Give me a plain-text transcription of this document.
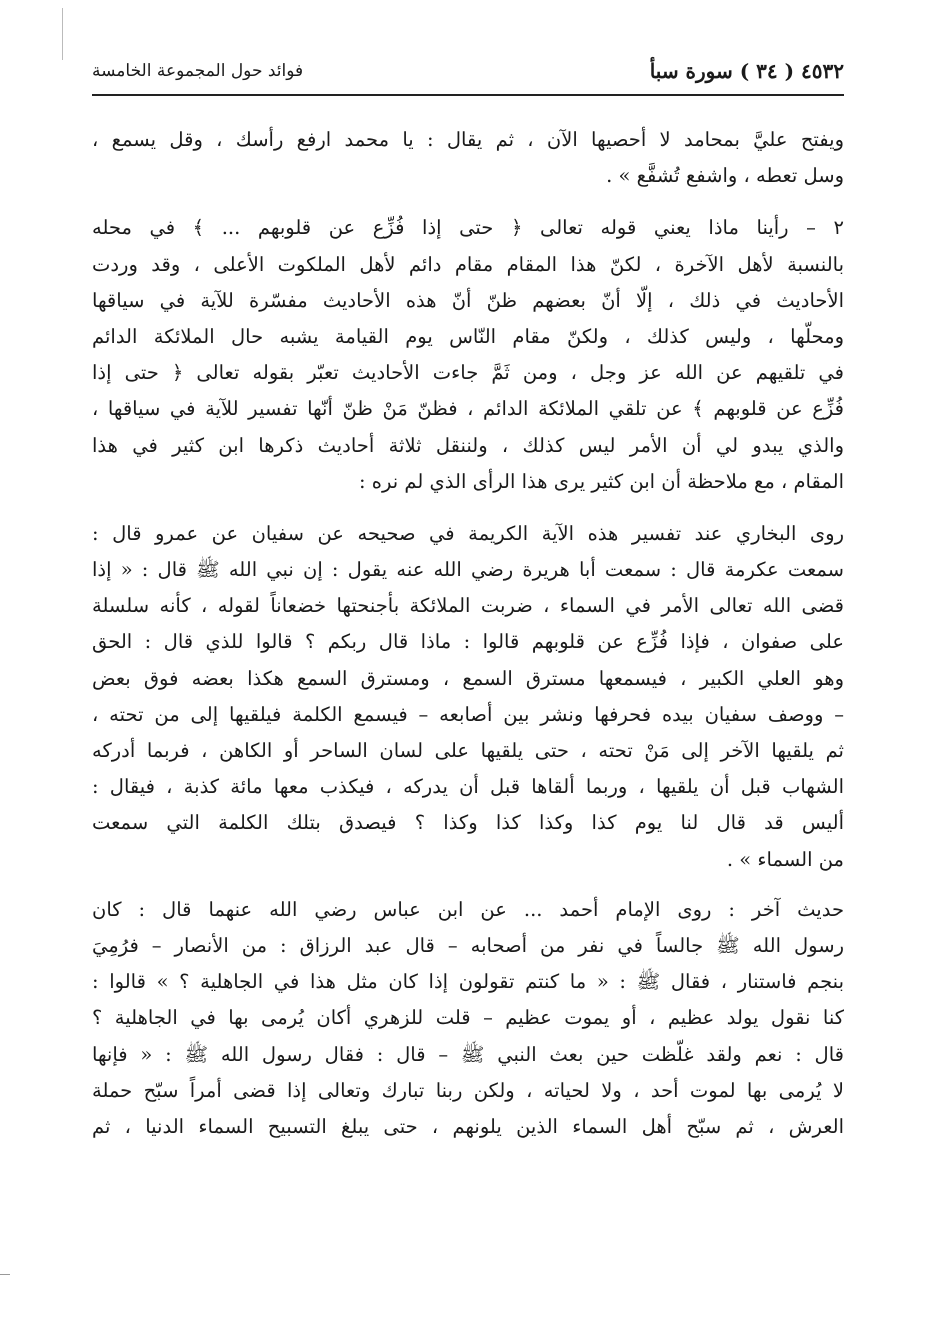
٤٥٣٢ ( ٣٤ ) سورة سبأ
فوائد حول المجموعة الخامسة
ويفتح عليَّ بمحامد لا أحصيها الآن ، ثم يقال : يا محمد ارفع رأسك ، وقل يسمع ،
وسل تعطه ، واشفع تُشفَّع » .
٢ – رأينا ماذا يعني قوله تعالى ﴿ حتى إذا فُزِّع عن قلوبهم ... ﴾ في محله
بالنسبة لأهل الآخرة ، لكنّ هذا المقام مقام دائم لأهل الملكوت الأعلى ، وقد وردت
الأحاديث في ذلك ، إلّا أنّ بعضهم ظنّ أنّ هذه الأحاديث مفسّرة للآية في سياقها
ومحلّها ، وليس كذلك ، ولكنّ مقام النّاس يوم القيامة يشبه حال الملائكة الدائم
في تلقيهم عن الله عز وجل ، ومن ثَمَّ جاءت الأحاديث تعبّر بقوله تعالى ﴿ حتى إذا
فُزِّع عن قلوبهم ﴾ عن تلقي الملائكة الدائم ، فظنّ مَنْ ظنّ أنّها تفسير للآية في سياقها ،
والذي يبدو لي أن الأمر ليس كذلك ، ولننقل ثلاثة أحاديث ذكرها ابن كثير في هذا
المقام ، مع ملاحظة أن ابن كثير يرى هذا الرأى الذي لم نره :
روى البخاري عند تفسير هذه الآية الكريمة في صحيحه عن سفيان عن عمرو قال :
سمعت عكرمة قال : سمعت أبا هريرة رضي الله عنه يقول : إن نبي الله ﷺ قال : « إذا
قضى الله تعالى الأمر في السماء ، ضربت الملائكة بأجنحتها خضعاناً لقوله ، كأنه سلسلة
على صفوان ، فإذا فُزِّع عن قلوبهم قالوا : ماذا قال ربكم ؟ قالوا للذي قال : الحق
وهو العلي الكبير ، فيسمعها مسترق السمع ، ومسترق السمع هكذا بعضه فوق بعض
– ووصف سفيان بيده فحرفها ونشر بين أصابعه – فيسمع الكلمة فيلقيها إلى من تحته ،
ثم يلقيها الآخر إلى مَنْ تحته ، حتى يلقيها على لسان الساحر أو الكاهن ، فربما أدركه
الشهاب قبل أن يلقيها ، وربما ألقاها قبل أن يدركه ، فيكذب معها مائة كذبة ، فيقال :
أليس قد قال لنا يوم كذا وكذا كذا وكذا ؟ فيصدق بتلك الكلمة التي سمعت
من السماء » .
حديث آخر : روى الإمام أحمد ... عن ابن عباس رضي الله عنهما قال : كان
رسول الله ﷺ جالساً في نفر من أصحابه – قال عبد الرزاق : من الأنصار – فرُمِيَ
بنجم فاستنار ، فقال ﷺ : « ما كنتم تقولون إذا كان مثل هذا في الجاهلية ؟ » قالوا :
كنا نقول يولد عظيم ، أو يموت عظيم – قلت للزهري أكان يُرمى بها في الجاهلية ؟
قال : نعم ولقد غلّظت حين بعث النبي ﷺ – قال : فقال رسول الله ﷺ : « فإنها
لا يُرمى بها لموت أحد ، ولا لحياته ، ولكن ربنا تبارك وتعالى إذا قضى أمراً سبّح حملة
العرش ، ثم سبّح أهل السماء الذين يلونهم ، حتى يبلغ التسبيح السماء الدنيا ، ثم
